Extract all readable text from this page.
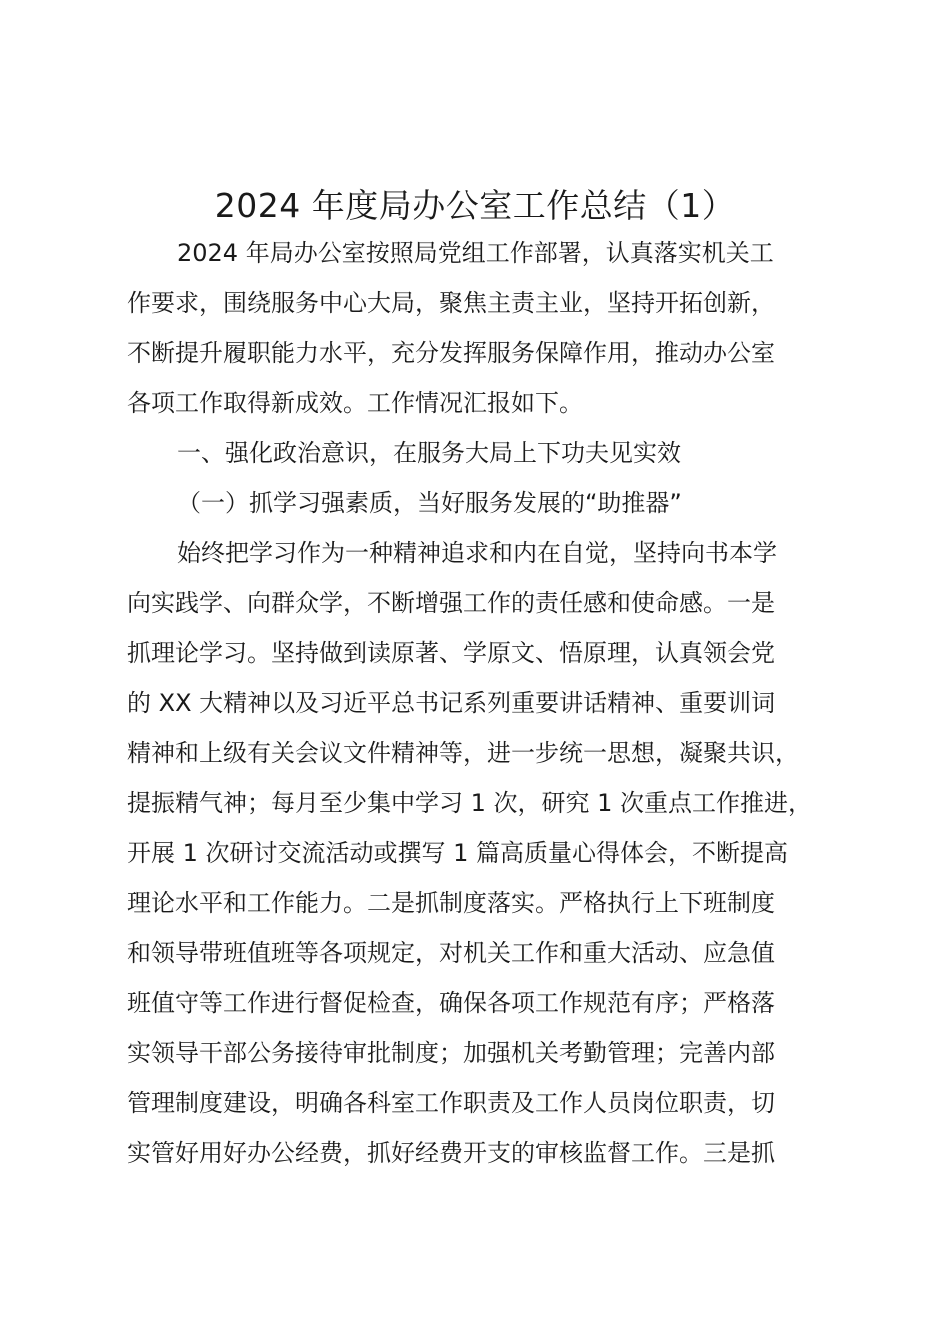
2024 年度局办公室工作总结（1）
2024 年局办公室按照局党组工作部署，认真落实机关工
作要求，围绕服务中心大局，聚焦主责主业，坚持开拓创新，
不断提升履职能力水平，充分发挥服务保障作用，推动办公室
各项工作取得新成效。工作情况汇报如下。
一、强化政治意识，在服务大局上下功夫见实效
（一）抓学习强素质，当好服务发展的“助推器”
始终把学习作为一种精神追求和内在自觉，坚持向书本学
向实践学、向群众学，不断增强工作的责任感和使命感。一是
抓理论学习。坚持做到读原著、学原文、悟原理，认真领会党
的 XX 大精神以及习近平总书记系列重要讲话精神、重要训词
精神和上级有关会议文件精神等，进一步统一思想，凝聚共识，
提振精气神；每月至少集中学习 1 次，研究 1 次重点工作推进，
开展 1 次研讨交流活动或撰写 1 篇高质量心得体会，不断提高
理论水平和工作能力。二是抓制度落实。严格执行上下班制度
和领导带班值班等各项规定，对机关工作和重大活动、应急值
班值守等工作进行督促检查，确保各项工作规范有序；严格落
实领导干部公务接待审批制度；加强机关考勤管理；完善内部
管理制度建设，明确各科室工作职责及工作人员岗位职责，切
实管好用好办公经费，抓好经费开支的审核监督工作。三是抓
